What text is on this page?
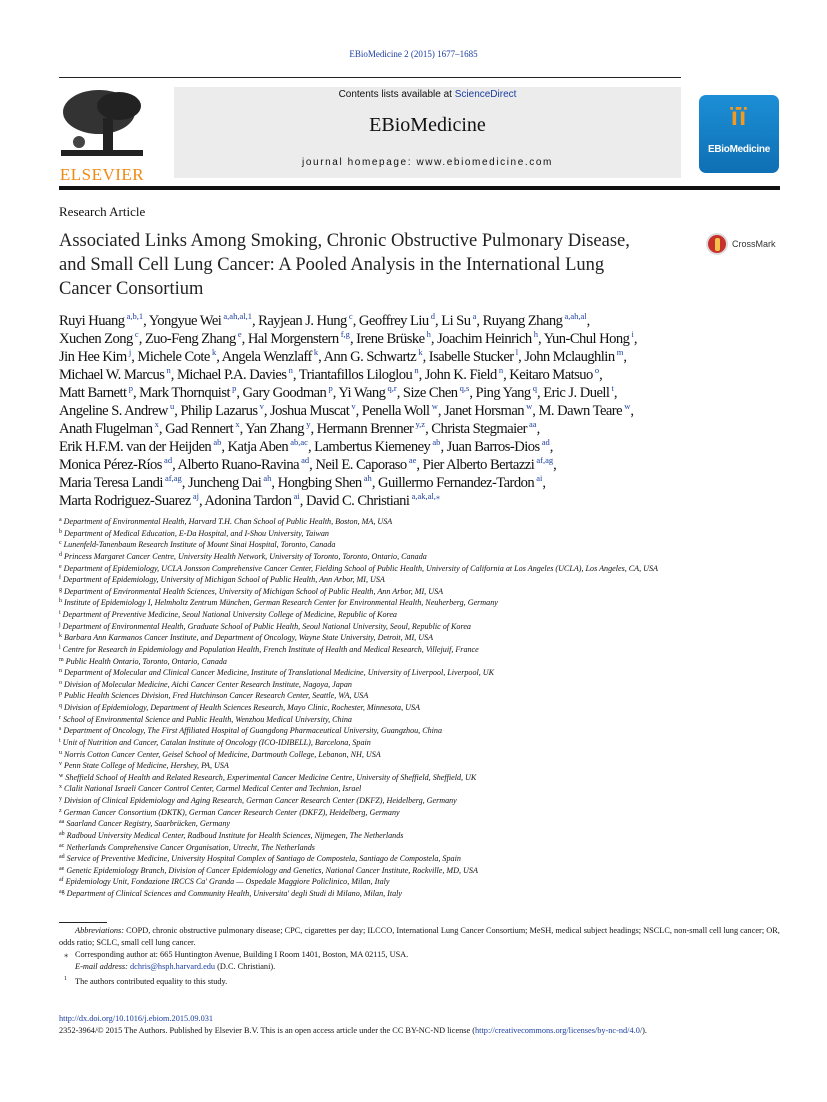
EBioMedicine 2 (2015) 1677–1685
ELSEVIER
Contents lists available at ScienceDirect
EBioMedicine
journal homepage: www.ebiomedicine.com
ïï
EBioMedicine
Research Article
Associated Links Among Smoking, Chronic Obstructive Pulmonary Disease, and Small Cell Lung Cancer: A Pooled Analysis in the International Lung Cancer Consortium
CrossMark
Ruyi Huang $^{a,b,1}$, Yongyue Wei $^{a,ah,al,1}$, Rayjean J. Hung $^c$, Geoffrey Liu $^d$, Li Su $^a$, Ruyang Zhang $^{a,ah,al}$,
Xuchen Zong $^c$, Zuo-Feng Zhang $^e$, Hal Morgenstern $^{f,g}$, Irene Brüske $^h$, Joachim Heinrich $^h$, Yun-Chul Hong $^i$,
Jin Hee Kim $^j$, Michele Cote $^k$, Angela Wenzlaff $^k$, Ann G. Schwartz $^k$, Isabelle Stucker $^l$, John Mclaughlin $^m$,
Michael W. Marcus $^n$, Michael P.A. Davies $^n$, Triantafillos Liloglou $^n$, John K. Field $^n$, Keitaro Matsuo $^o$,
Matt Barnett $^p$, Mark Thornquist $^p$, Gary Goodman $^p$, Yi Wang $^{q,r}$, Size Chen $^{q,s}$, Ping Yang $^q$, Eric J. Duell $^t$,
Angeline S. Andrew $^u$, Philip Lazarus $^v$, Joshua Muscat $^v$, Penella Woll $^w$, Janet Horsman $^w$, M. Dawn Teare $^w$,
Anath Flugelman $^x$, Gad Rennert $^x$, Yan Zhang $^y$, Hermann Brenner $^{y,z}$, Christa Stegmaier $^{aa}$,
Erik H.F.M. van der Heijden $^{ab}$, Katja Aben $^{ab,ac}$, Lambertus Kiemeney $^{ab}$, Juan Barros-Dios $^{ad}$,
Monica Pérez-Ríos $^{ad}$, Alberto Ruano-Ravina $^{ad}$, Neil E. Caporaso $^{ae}$, Pier Alberto Bertazzi $^{af,ag}$,
Maria Teresa Landi $^{af,ag}$, Juncheng Dai $^{ah}$, Hongbing Shen $^{ah}$, Guillermo Fernandez-Tardon $^{ai}$,
Marta Rodriguez-Suarez $^{aj}$, Adonina Tardon $^{ai}$, David C. Christiani $^{a,ak,al,⁎}$
$^a$ Department of Environmental Health, Harvard T.H. Chan School of Public Health, Boston, MA, USA
$^b$ Department of Medical Education, E-Da Hospital, and I-Shou University, Taiwan
$^c$ Lunenfeld-Tanenbaum Research Institute of Mount Sinai Hospital, Toronto, Canada
$^d$ Princess Margaret Cancer Centre, University Health Network, University of Toronto, Toronto, Ontario, Canada
$^e$ Department of Epidemiology, UCLA Jonsson Comprehensive Cancer Center, Fielding School of Public Health, University of California at Los Angeles (UCLA), Los Angeles, CA, USA
$^f$ Department of Epidemiology, University of Michigan School of Public Health, Ann Arbor, MI, USA
$^g$ Department of Environmental Health Sciences, University of Michigan School of Public Health, Ann Arbor, MI, USA
$^h$ Institute of Epidemiology I, Helmholtz Zentrum München, German Research Center for Environmental Health, Neuherberg, Germany
$^i$ Department of Preventive Medicine, Seoul National University College of Medicine, Republic of Korea
$^j$ Department of Environmental Health, Graduate School of Public Health, Seoul National University, Seoul, Republic of Korea
$^k$ Barbara Ann Karmanos Cancer Institute, and Department of Oncology, Wayne State University, Detroit, MI, USA
$^l$ Centre for Research in Epidemiology and Population Health, French Institute of Health and Medical Research, Villejuif, France
$^m$ Public Health Ontario, Toronto, Ontario, Canada
$^n$ Department of Molecular and Clinical Cancer Medicine, Institute of Translational Medicine, University of Liverpool, Liverpool, UK
$^o$ Division of Molecular Medicine, Aichi Cancer Center Research Institute, Nagoya, Japan
$^p$ Public Health Sciences Division, Fred Hutchinson Cancer Research Center, Seattle, WA, USA
$^q$ Division of Epidemiology, Department of Health Sciences Research, Mayo Clinic, Rochester, Minnesota, USA
$^r$ School of Environmental Science and Public Health, Wenzhou Medical University, China
$^s$ Department of Oncology, The First Affiliated Hospital of Guangdong Pharmaceutical University, Guangzhou, China
$^t$ Unit of Nutrition and Cancer, Catalan Institute of Oncology (ICO-IDIBELL), Barcelona, Spain
$^u$ Norris Cotton Cancer Center, Geisel School of Medicine, Dartmouth College, Lebanon, NH, USA
$^v$ Penn State College of Medicine, Hershey, PA, USA
$^w$ Sheffield School of Health and Related Research, Experimental Cancer Medicine Centre, University of Sheffield, Sheffield, UK
$^x$ Clalit National Israeli Cancer Control Center, Carmel Medical Center and Technion, Israel
$^y$ Division of Clinical Epidemiology and Aging Research, German Cancer Research Center (DKFZ), Heidelberg, Germany
$^z$ German Cancer Consortium (DKTK), German Cancer Research Center (DKFZ), Heidelberg, Germany
$^{aa}$ Saarland Cancer Registry, Saarbrücken, Germany
$^{ab}$ Radboud University Medical Center, Radboud Institute for Health Sciences, Nijmegen, The Netherlands
$^{ac}$ Netherlands Comprehensive Cancer Organisation, Utrecht, The Netherlands
$^{ad}$ Service of Preventive Medicine, University Hospital Complex of Santiago de Compostela, Santiago de Compostela, Spain
$^{ae}$ Genetic Epidemiology Branch, Division of Cancer Epidemiology and Genetics, National Cancer Institute, Rockville, MD, USA
$^{af}$ Epidemiology Unit, Fondazione IRCCS Ca' Granda — Ospedale Maggiore Policlinico, Milan, Italy
$^{ag}$ Department of Clinical Sciences and Community Health, Universita' degli Studi di Milano, Milan, Italy
Abbreviations: COPD, chronic obstructive pulmonary disease; CPC, cigarettes per day; ILCCO, International Lung Cancer Consortium; MeSH, medical subject headings; NSCLC, non-small cell lung cancer; OR, odds ratio; SCLC, small cell lung cancer.
⁎ Corresponding author at: 665 Huntington Avenue, Building I Room 1401, Boston, MA 02115, USA.
E-mail address: dchris@hsph.harvard.edu (D.C. Christiani).
$^1$ The authors contributed equality to this study.
http://dx.doi.org/10.1016/j.ebiom.2015.09.031
2352-3964/© 2015 The Authors. Published by Elsevier B.V. This is an open access article under the CC BY-NC-ND license (http://creativecommons.org/licenses/by-nc-nd/4.0/).
